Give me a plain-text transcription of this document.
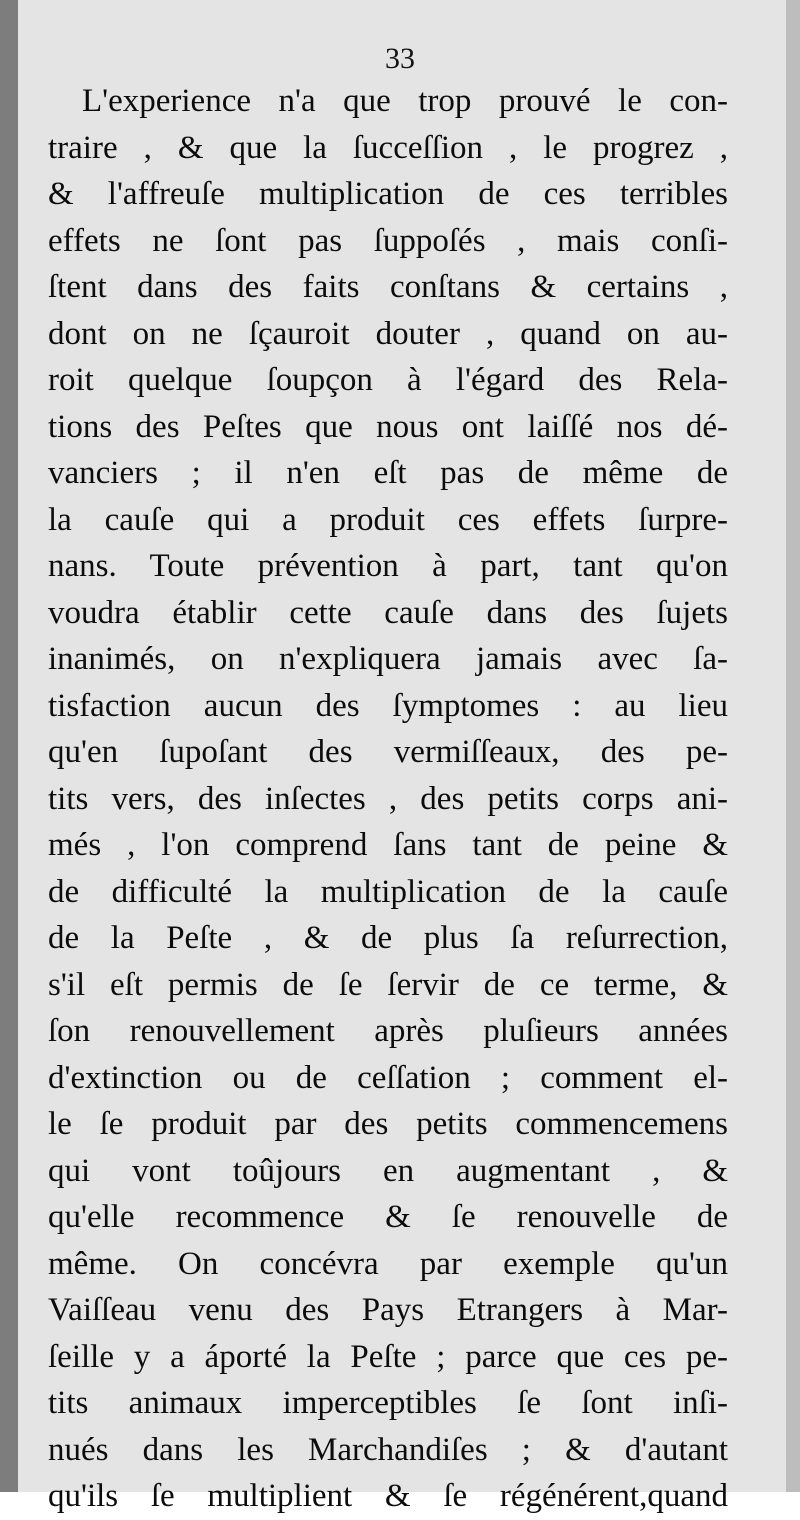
33
L'experience n'a que trop prouvé le con-
traire , & que la ſucceſſion , le progrez ,
& l'affreuſe multiplication de ces terribles
effets ne ſont pas ſuppoſés , mais conſi-
ſtent dans des faits conſtans & certains ,
dont on ne ſçauroit douter , quand on au-
roit quelque ſoupçon à l'égard des Rela-
tions des Peſtes que nous ont laiſſé nos dé-
vanciers ; il n'en eſt pas de même de
la cauſe qui a produit ces effets ſurpre-
nans. Toute prévention à part, tant qu'on
voudra établir cette cauſe dans des ſujets
inanimés, on n'expliquera jamais avec ſa-
tisfaction aucun des ſymptomes : au lieu
qu'en ſupoſant des vermiſſeaux, des pe-
tits vers, des inſectes , des petits corps ani-
més , l'on comprend ſans tant de peine &
de difficulté la multiplication de la cauſe
de la Peſte , & de plus ſa reſurrection,
s'il eſt permis de ſe ſervir de ce terme, &
ſon renouvellement après pluſieurs années
d'extinction ou de ceſſation ; comment el-
le ſe produit par des petits commencemens
qui vont toûjours en augmentant , &
qu'elle recommence & ſe renouvelle de
même. On concévra par exemple qu'un
Vaiſſeau venu des Pays Etrangers à Mar-
ſeille y a áporté la Peſte ; parce que ces pe-
tits animaux imperceptibles ſe ſont inſi-
nués dans les Marchandiſes ; & d'autant
qu'ils ſe multiplient & ſe régénérent,quand
